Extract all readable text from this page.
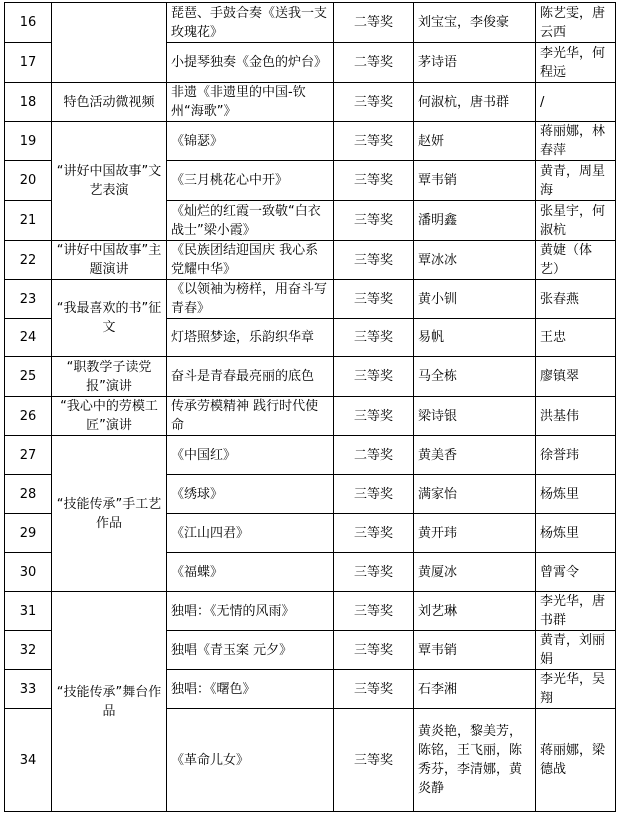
16		琵琶、手鼓合奏《送我一支玫瑰花》	二等奖	刘宝宝，李俊豪	陈艺雯，唐云西
17		小提琴独奏《金色的炉台》	二等奖	茅诗语	李光华，何程远
18	特色活动微视频	非遗《非遗里的中国-钦州“海歌”》	三等奖	何淑杭，唐书群	/
19	“讲好中国故事”文艺表演	《锦瑟》	三等奖	赵妍	蒋丽娜，林春萍
20		《三月桃花心中开》	三等奖	覃韦销	黄青，周星海
21		《灿烂的红霞一致敬“白衣战士”梁小霞》	三等奖	潘明鑫	张星宇，何淑杭
22	“讲好中国故事”主题演讲	《民族团结迎国庆 我心系党耀中华》	三等奖	覃冰冰	黄婕（体艺）
23	“我最喜欢的书”征文	《以领袖为榜样，用奋斗写青春》	三等奖	黄小钏	张春燕
24		灯塔照梦途，乐韵织华章	三等奖	易帆	王忠
25	“职教学子读党报”演讲	奋斗是青春最亮丽的底色	三等奖	马全栋	廖镇翠
26	“我心中的劳模工匠”演讲	传承劳模精神 践行时代使命	三等奖	梁诗银	洪基伟
27	“技能传承”手工艺作品	《中国红》	二等奖	黄美香	徐誉玮
28		《绣球》	三等奖	满家怡	杨炼里
29		《江山四君》	三等奖	黄开玮	杨炼里
30		《福蝶》	三等奖	黄厦冰	曾霄令
31	“技能传承”舞台作品	独唱：《无情的风雨》	三等奖	刘艺琳	李光华，唐书群
32		独唱《青玉案 元夕》	三等奖	覃韦销	黄青，刘丽娟
33		独唱：《曙色》	三等奖	石李湘	李光华，吴翔
34		《革命儿女》	三等奖	黄炎艳，黎美芳，陈铭，王飞丽，陈秀芬，李清娜，黄炎静	蒋丽娜，梁德战
